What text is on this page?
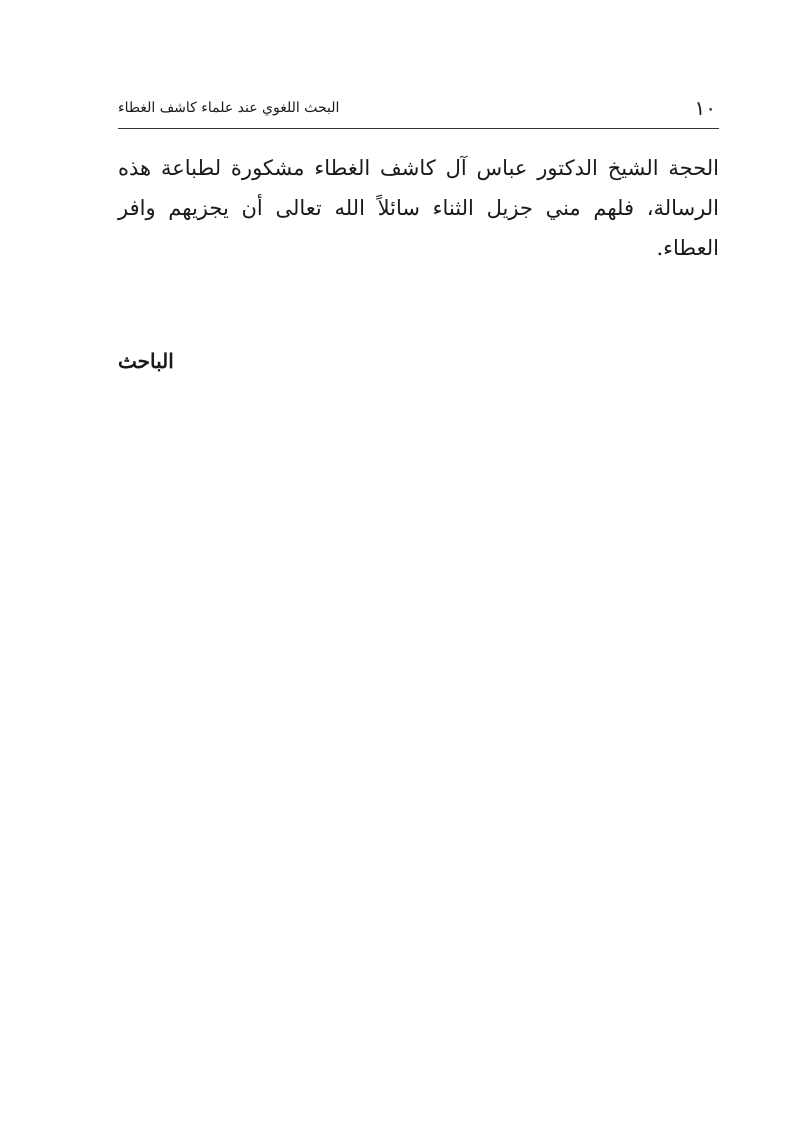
١٠
البحث اللغوي عند علماء كاشف الغطاء

الحجة الشيخ الدكتور عباس آل كاشف الغطاء مشكورة لطباعة هذه الرسالة، فلهم مني جزيل الثناء سائلاً الله تعالى أن يجزيهم وافر العطاء.

الباحث
